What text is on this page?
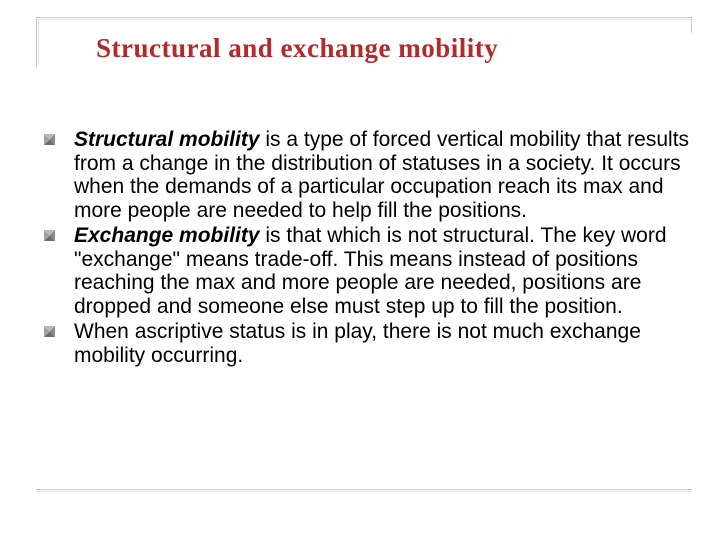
Structural and exchange mobility
Structural mobility is a type of forced vertical mobility that results from a change in the distribution of statuses in a society. It occurs when the demands of a particular occupation reach its max and more people are needed to help fill the positions.
Exchange mobility is that which is not structural. The key word "exchange" means trade-off. This means instead of positions reaching the max and more people are needed, positions are dropped and someone else must step up to fill the position.
When ascriptive status is in play, there is not much exchange mobility occurring.
